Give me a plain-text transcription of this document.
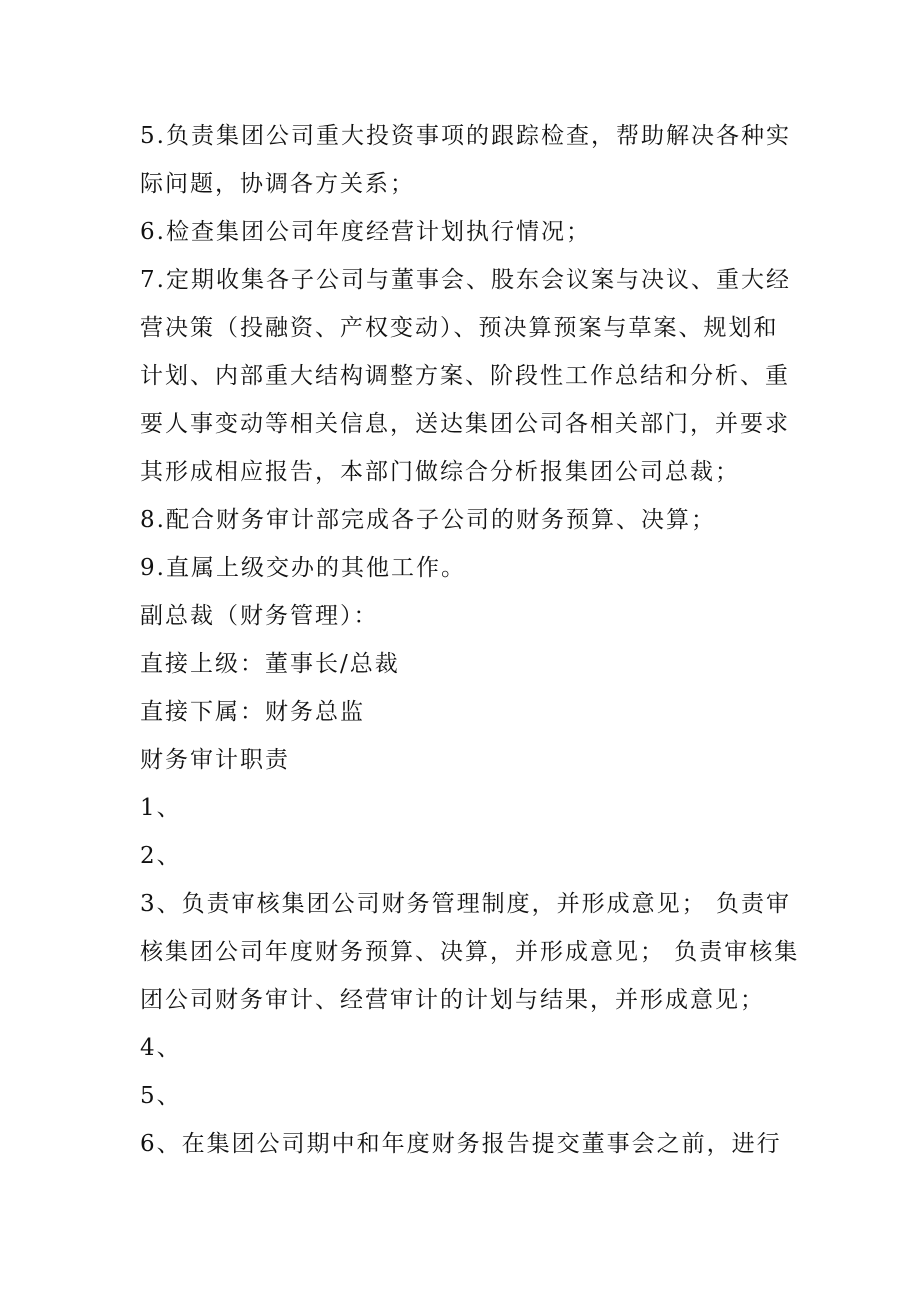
5.负责集团公司重大投资事项的跟踪检查，帮助解决各种实际问题，协调各方关系；

6.检查集团公司年度经营计划执行情况；

7.定期收集各子公司与董事会、股东会议案与决议、重大经营决策（投融资、产权变动）、预决算预案与草案、规划和计划、内部重大结构调整方案、阶段性工作总结和分析、重要人事变动等相关信息，送达集团公司各相关部门，并要求其形成相应报告，本部门做综合分析报集团公司总裁；

8.配合财务审计部完成各子公司的财务预算、决算；

9.直属上级交办的其他工作。

副总裁（财务管理）：

直接上级：董事长/总裁

直接下属：财务总监

财务审计职责

1、

2、

3、负责审核集团公司财务管理制度，并形成意见； 负责审核集团公司年度财务预算、决算，并形成意见； 负责审核集团公司财务审计、经营审计的计划与结果，并形成意见；

4、

5、

6、在集团公司期中和年度财务报告提交董事会之前，进行
